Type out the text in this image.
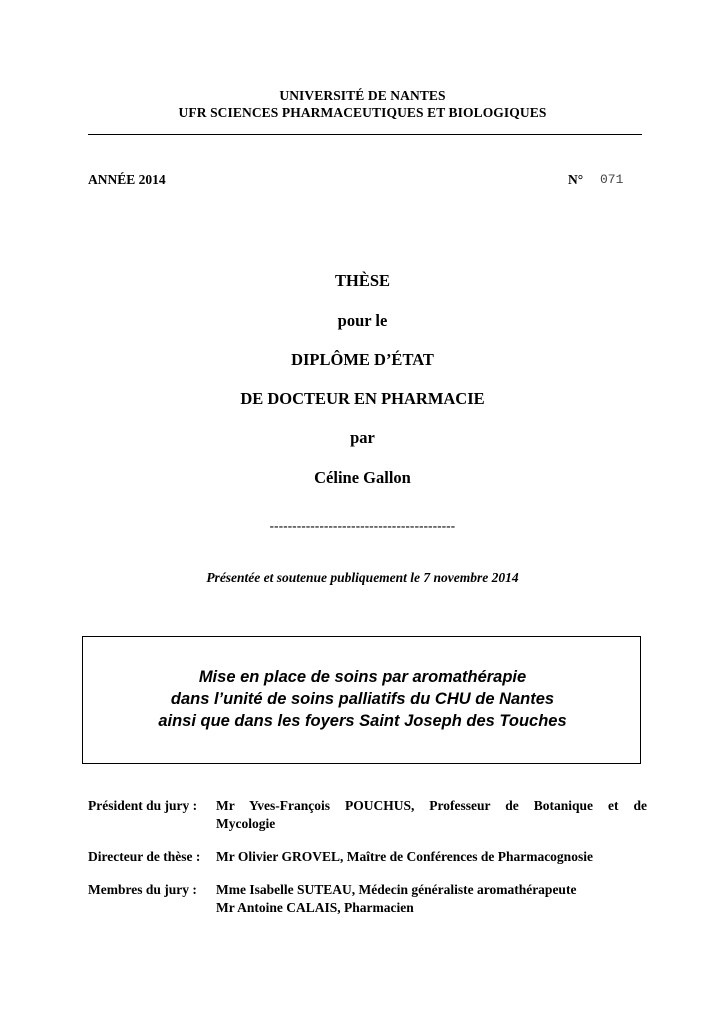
UNIVERSITÉ DE NANTES
UFR SCIENCES PHARMACEUTIQUES ET BIOLOGIQUES
ANNÉE 2014	N° 071
THÈSE
pour le
DIPLÔME D’ÉTAT
DE DOCTEUR EN PHARMACIE
par
Céline Gallon
-----------------------------------------
Présentée et soutenue publiquement le 7 novembre 2014
Mise en place de soins par aromathérapie
dans l’unité de soins palliatifs du CHU de Nantes
ainsi que dans les foyers Saint Joseph des Touches
Président du jury : Mr Yves-François POUCHUS, Professeur de Botanique et de
Mycologie
Directeur de thèse : Mr Olivier GROVEL, Maître de Conférences de Pharmacognosie
Membres du jury : Mme Isabelle SUTEAU, Médecin généraliste aromathérapeute
Mr Antoine CALAIS, Pharmacien
